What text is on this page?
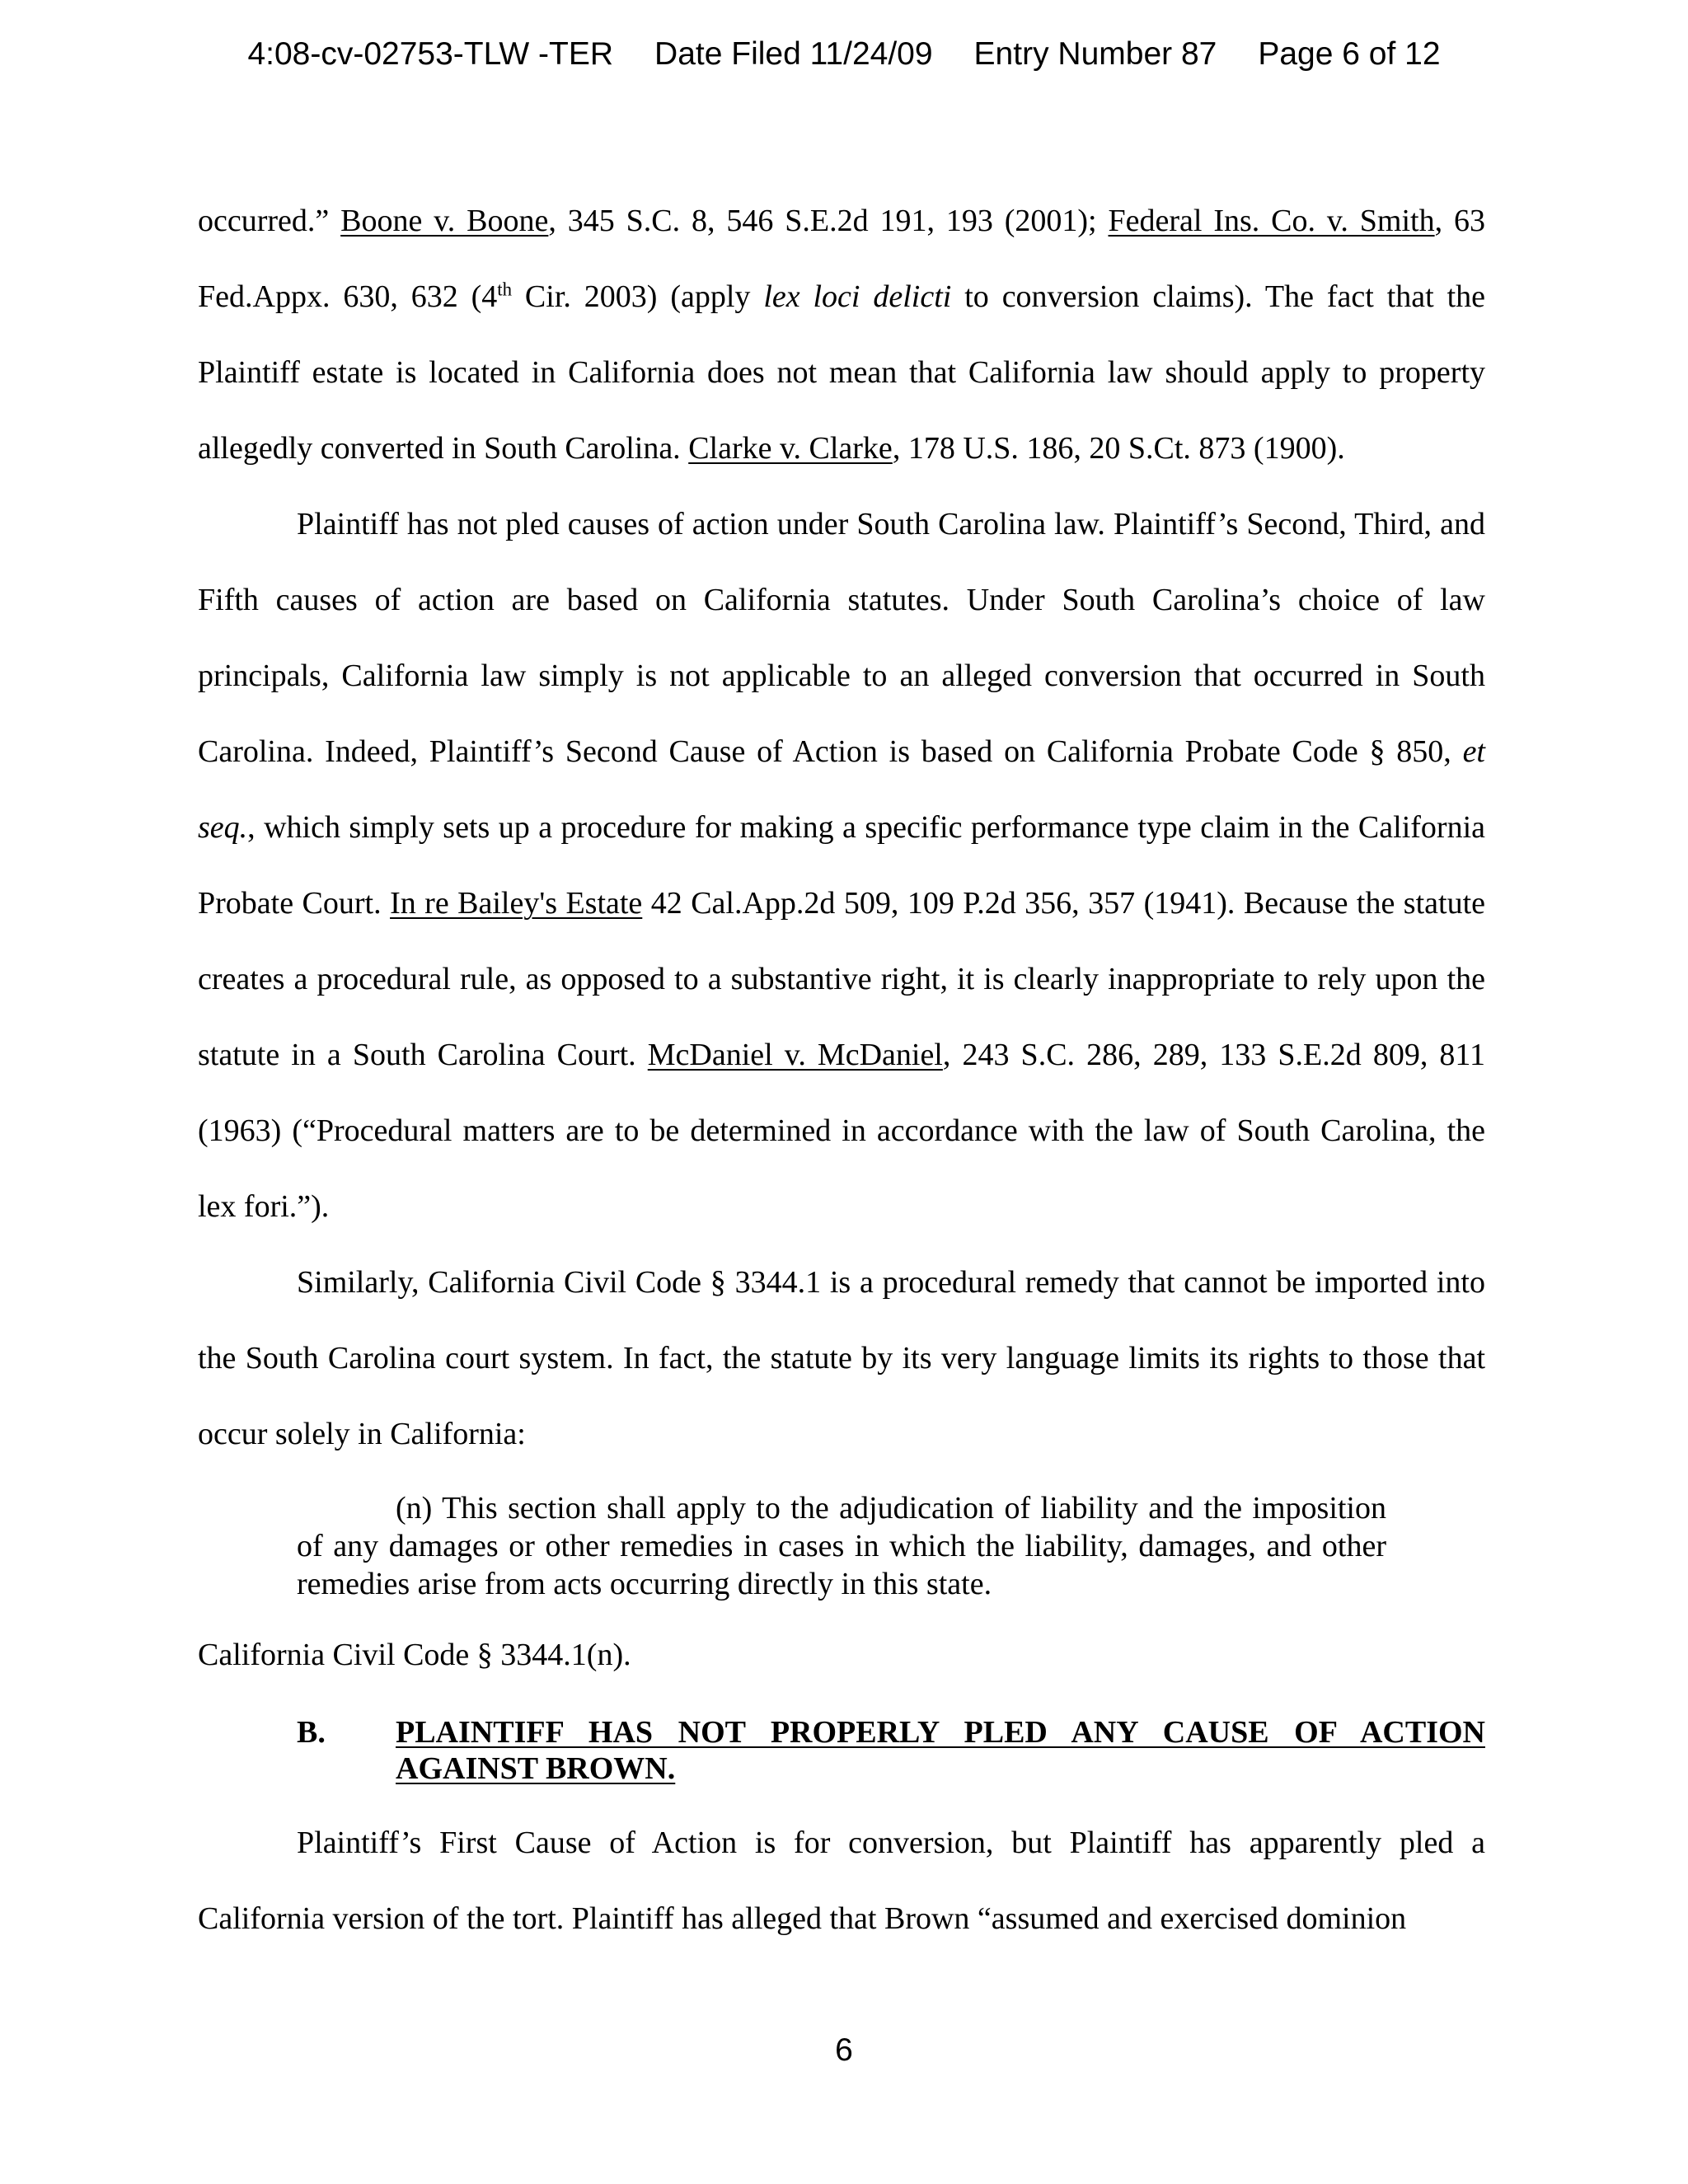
4:08-cv-02753-TLW -TER Date Filed 11/24/09 Entry Number 87 Page 6 of 12

occurred.” Boone v. Boone, 345 S.C. 8, 546 S.E.2d 191, 193 (2001); Federal Ins. Co. v. Smith, 63 Fed.Appx. 630, 632 (4th Cir. 2003) (apply lex loci delicti to conversion claims). The fact that the Plaintiff estate is located in California does not mean that California law should apply to property allegedly converted in South Carolina. Clarke v. Clarke, 178 U.S. 186, 20 S.Ct. 873 (1900).

Plaintiff has not pled causes of action under South Carolina law. Plaintiff’s Second, Third, and Fifth causes of action are based on California statutes. Under South Carolina’s choice of law principals, California law simply is not applicable to an alleged conversion that occurred in South Carolina. Indeed, Plaintiff’s Second Cause of Action is based on California Probate Code § 850, et seq., which simply sets up a procedure for making a specific performance type claim in the California Probate Court. In re Bailey's Estate 42 Cal.App.2d 509, 109 P.2d 356, 357 (1941). Because the statute creates a procedural rule, as opposed to a substantive right, it is clearly inappropriate to rely upon the statute in a South Carolina Court. McDaniel v. McDaniel, 243 S.C. 286, 289, 133 S.E.2d 809, 811 (1963) (“Procedural matters are to be determined in accordance with the law of South Carolina, the lex fori.”).

Similarly, California Civil Code § 3344.1 is a procedural remedy that cannot be imported into the South Carolina court system. In fact, the statute by its very language limits its rights to those that occur solely in California:

(n) This section shall apply to the adjudication of liability and the imposition of any damages or other remedies in cases in which the liability, damages, and other remedies arise from acts occurring directly in this state.

California Civil Code § 3344.1(n).
B. PLAINTIFF HAS NOT PROPERLY PLED ANY CAUSE OF ACTION AGAINST BROWN.

Plaintiff’s First Cause of Action is for conversion, but Plaintiff has apparently pled a California version of the tort. Plaintiff has alleged that Brown “assumed and exercised dominion

6
